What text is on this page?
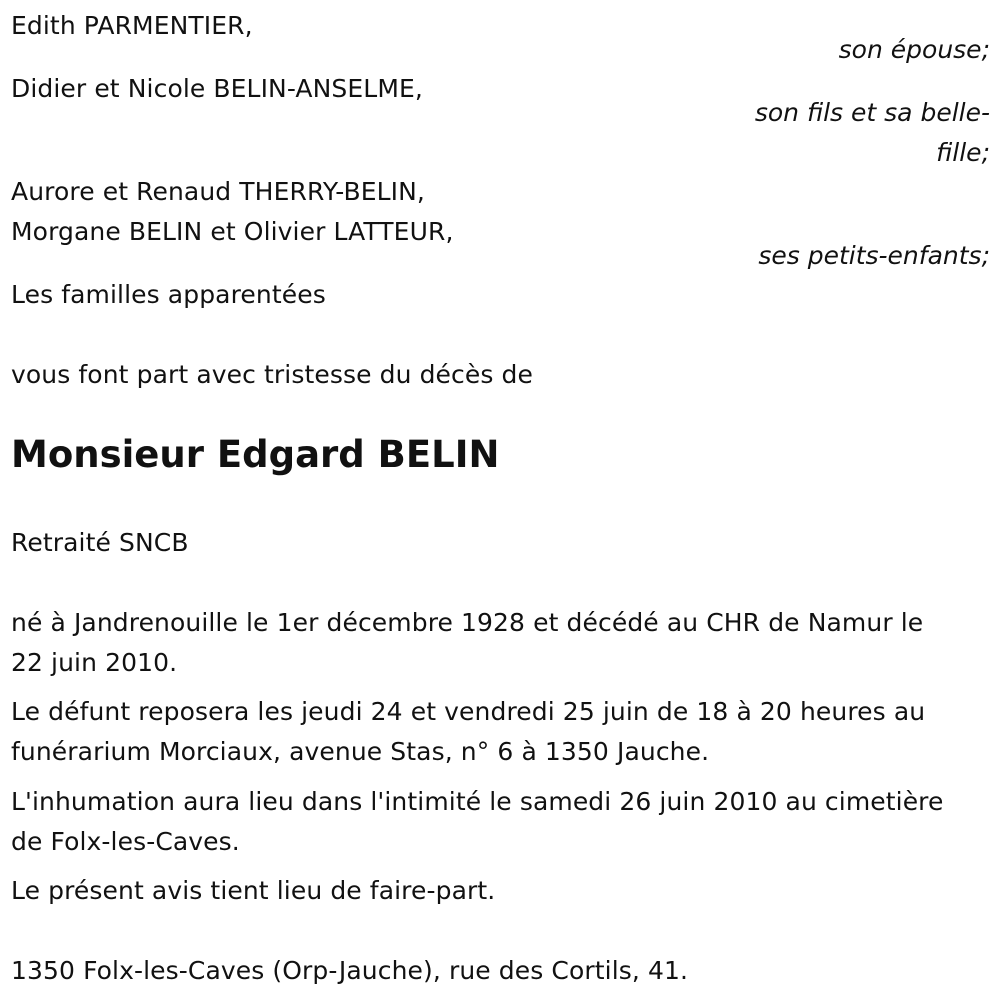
Edith PARMENTIER,
son épouse;
Didier et Nicole BELIN-ANSELME,
son fils et sa belle-
fille;
Aurore et Renaud THERRY-BELIN,
Morgane BELIN et Olivier LATTEUR,
ses petits-enfants;
Les familles apparentées
vous font part avec tristesse du décès de
Monsieur Edgard BELIN
Retraité SNCB
né à Jandrenouille le 1er décembre 1928 et décédé au CHR de Namur le
22 juin 2010.
Le défunt reposera les jeudi 24 et vendredi 25 juin de 18 à 20 heures au
funérarium Morciaux, avenue Stas, n° 6 à 1350 Jauche.
L'inhumation aura lieu dans l'intimité le samedi 26 juin 2010 au cimetière
de Folx-les-Caves.
Le présent avis tient lieu de faire-part.
1350 Folx-les-Caves (Orp-Jauche), rue des Cortils, 41.
